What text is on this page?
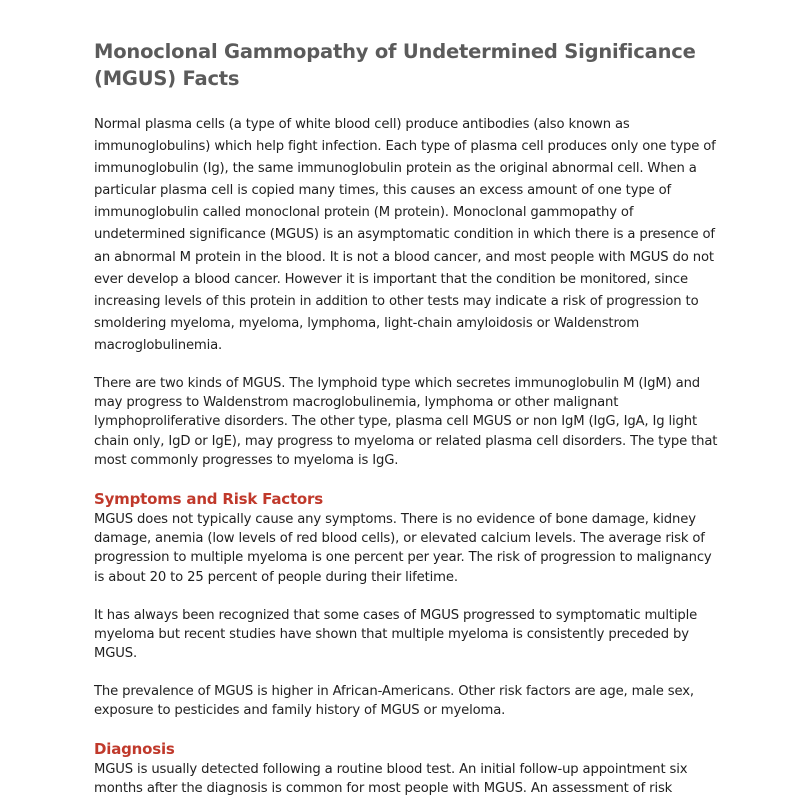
Monoclonal Gammopathy of Undetermined Significance (MGUS) Facts

Normal plasma cells (a type of white blood cell) produce antibodies (also known as immunoglobulins) which help fight infection. Each type of plasma cell produces only one type of immunoglobulin (Ig), the same immunoglobulin protein as the original abnormal cell. When a particular plasma cell is copied many times, this causes an excess amount of one type of immunoglobulin called monoclonal protein (M protein). Monoclonal gammopathy of undetermined significance (MGUS) is an asymptomatic condition in which there is a presence of an abnormal M protein in the blood. It is not a blood cancer, and most people with MGUS do not ever develop a blood cancer. However it is important that the condition be monitored, since increasing levels of this protein in addition to other tests may indicate a risk of progression to smoldering myeloma, myeloma, lymphoma, light-chain amyloidosis or Waldenstrom macroglobulinemia.

There are two kinds of MGUS. The lymphoid type which secretes immunoglobulin M (IgM) and may progress to Waldenstrom macroglobulinemia, lymphoma or other malignant lymphoproliferative disorders. The other type, plasma cell MGUS or non IgM (IgG, IgA, Ig light chain only, IgD or IgE), may progress to myeloma or related plasma cell disorders. The type that most commonly progresses to myeloma is IgG.

Symptoms and Risk Factors

MGUS does not typically cause any symptoms. There is no evidence of bone damage, kidney damage, anemia (low levels of red blood cells), or elevated calcium levels. The average risk of progression to multiple myeloma is one percent per year. The risk of progression to malignancy is about 20 to 25 percent of people during their lifetime.

It has always been recognized that some cases of MGUS progressed to symptomatic multiple myeloma but recent studies have shown that multiple myeloma is consistently preceded by MGUS.

The prevalence of MGUS is higher in African-Americans. Other risk factors are age, male sex, exposure to pesticides and family history of MGUS or myeloma.

Diagnosis

MGUS is usually detected following a routine blood test. An initial follow-up appointment six months after the diagnosis is common for most people with MGUS. An assessment of risk
